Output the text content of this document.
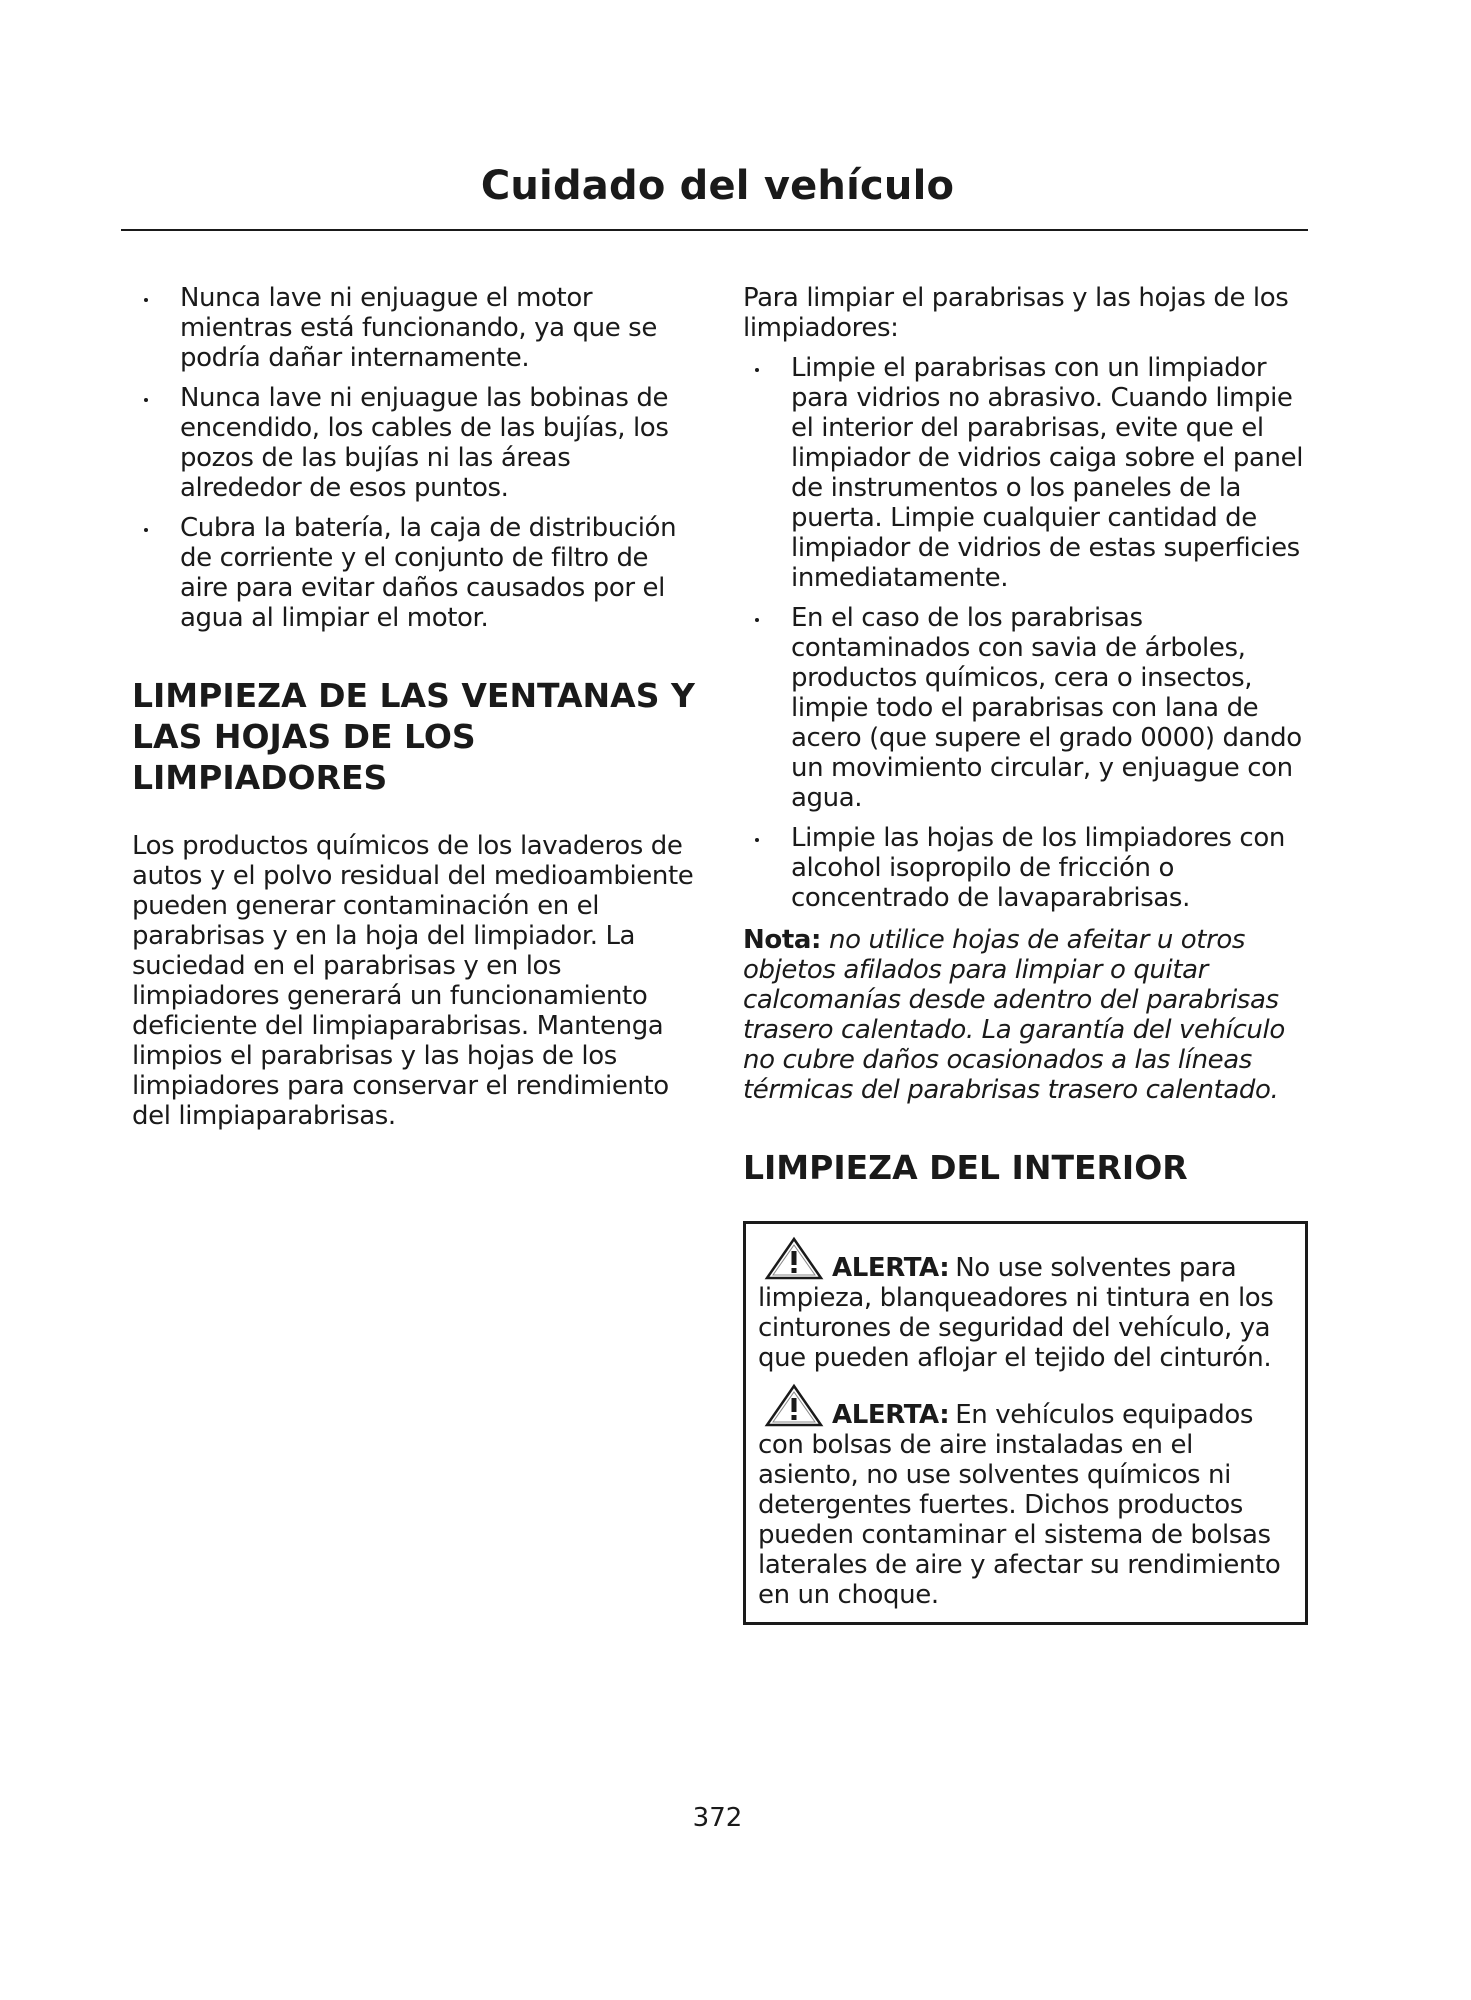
Cuidado del vehículo
Nunca lave ni enjuague el motor mientras está funcionando, ya que se podría dañar internamente.
Nunca lave ni enjuague las bobinas de encendido, los cables de las bujías, los pozos de las bujías ni las áreas alrededor de esos puntos.
Cubra la batería, la caja de distribución de corriente y el conjunto de filtro de aire para evitar daños causados por el agua al limpiar el motor.
LIMPIEZA DE LAS VENTANAS Y LAS HOJAS DE LOS LIMPIADORES

Los productos químicos de los lavaderos de autos y el polvo residual del medioambiente pueden generar contaminación en el parabrisas y en la hoja del limpiador. La suciedad en el parabrisas y en los limpiadores generará un funcionamiento deficiente del limpiaparabrisas. Mantenga limpios el parabrisas y las hojas de los limpiadores para conservar el rendimiento del limpiaparabrisas.

Para limpiar el parabrisas y las hojas de los limpiadores:

Limpie el parabrisas con un limpiador para vidrios no abrasivo. Cuando limpie el interior del parabrisas, evite que el limpiador de vidrios caiga sobre el panel de instrumentos o los paneles de la puerta. Limpie cualquier cantidad de limpiador de vidrios de estas superficies inmediatamente.
En el caso de los parabrisas contaminados con savia de árboles, productos químicos, cera o insectos, limpie todo el parabrisas con lana de acero (que supere el grado 0000) dando un movimiento circular, y enjuague con agua.
Limpie las hojas de los limpiadores con alcohol isopropilo de fricción o concentrado de lavaparabrisas.

Nota: no utilice hojas de afeitar u otros objetos afilados para limpiar o quitar calcomanías desde adentro del parabrisas trasero calentado. La garantía del vehículo no cubre daños ocasionados a las líneas térmicas del parabrisas trasero calentado.

LIMPIEZA DEL INTERIOR

ALERTA: No use solventes para limpieza, blanqueadores ni tintura en los cinturones de seguridad del vehículo, ya que pueden aflojar el tejido del cinturón.

ALERTA: En vehículos equipados con bolsas de aire instaladas en el asiento, no use solventes químicos ni detergentes fuertes. Dichos productos pueden contaminar el sistema de bolsas laterales de aire y afectar su rendimiento en un choque.

372
